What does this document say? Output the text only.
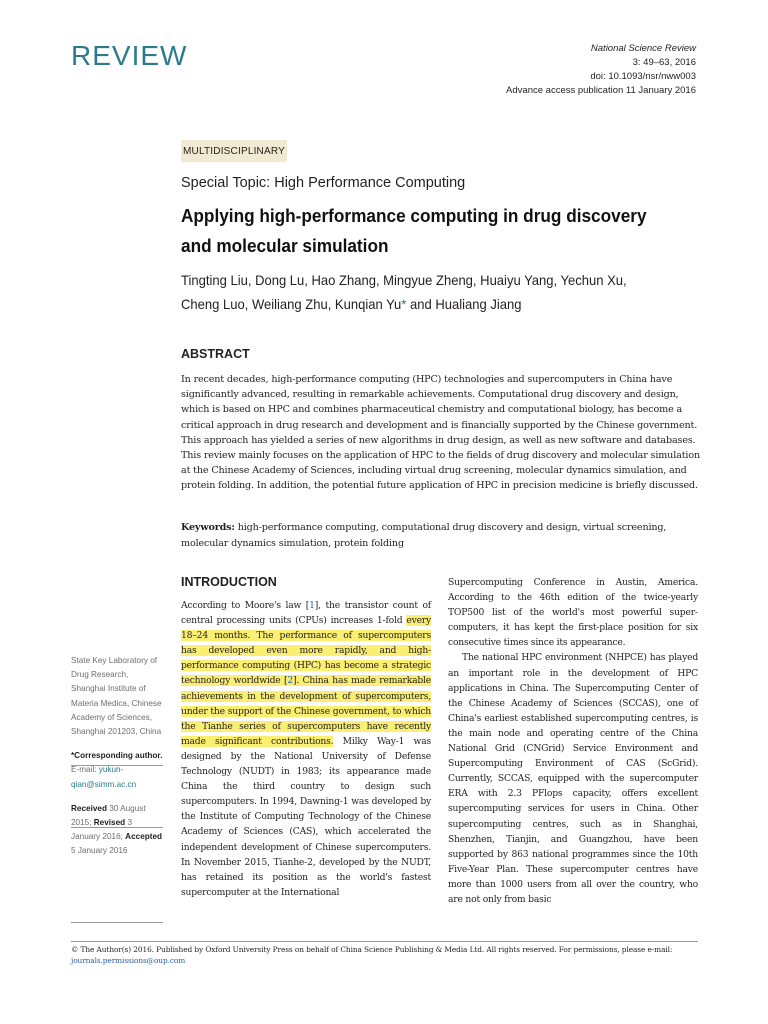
REVIEW	National Science Review
3: 49–63, 2016
doi: 10.1093/nsr/nww003
Advance access publication 11 January 2016
MULTIDISCIPLINARY
Special Topic: High Performance Computing
Applying high-performance computing in drug discovery
and molecular simulation
Tingting Liu, Dong Lu, Hao Zhang, Mingyue Zheng, Huaiyu Yang, Yechun Xu,
Cheng Luo, Weiliang Zhu, Kunqian Yu* and Hualiang Jiang
ABSTRACT
In recent decades, high-performance computing (HPC) technologies and supercomputers in China have significantly advanced, resulting in remarkable achievements. Computational drug discovery and design, which is based on HPC and combines pharmaceutical chemistry and computational biology, has become a critical approach in drug research and development and is financially supported by the Chinese government. This approach has yielded a series of new algorithms in drug design, as well as new software and databases. This review mainly focuses on the application of HPC to the fields of drug discovery and molecular simulation at the Chinese Academy of Sciences, including virtual drug screening, molecular dynamics simulation, and protein folding. In addition, the potential future application of HPC in precision medicine is briefly discussed.
Keywords: high-performance computing, computational drug discovery and design, virtual screening, molecular dynamics simulation, protein folding
INTRODUCTION

According to Moore's law [1], the transistor count of central processing units (CPUs) increases 1-fold every 18–24 months. The performance of supercomputers has developed even more rapidly, and high-performance computing (HPC) has become a strategic technology worldwide [2]. China has made remarkable achievements in the development of supercomputers, under the support of the Chinese government, to which the Tianhe series of supercomputers have recently made significant contributions. Milky Way-1 was designed by the National University of Defense Technology (NUDT) in 1983; its appearance made China the third country to design such supercomputers. In 1994, Dawning-1 was developed by the Institute of Computing Technology of the Chinese Academy of Sciences (CAS), which accelerated the independent development of Chinese supercomputers. In November 2015, Tianhe-2, developed by the NUDT, has retained its position as the world's fastest supercomputer at the International

Supercomputing Conference in Austin, America. According to the 46th edition of the twice-yearly TOP500 list of the world's most powerful supercomputers, it has kept the first-place position for six consecutive times since its appearance.

The national HPC environment (NHPCE) has played an important role in the development of HPC applications in China. The Supercomputing Center of the Chinese Academy of Sciences (SCCAS), one of China's earliest established supercomputing centres, is the main node and operating centre of the China National Grid (CNGrid) Service Environment and Supercomputing Environment of CAS (ScGrid). Currently, SCCAS, equipped with the supercomputer ERA with 2.3 PFlops capacity, offers excellent supercomputing services for users in China. Other supercomputing centres, such as in Shanghai, Shenzhen, Tianjin, and Guangzhou, have been supported by 863 national programmes since the 10th Five-Year Plan. These supercomputer centres have more than 1000 users from all over the country, who are not only from basic

State Key Laboratory of Drug Research, Shanghai Institute of Materia Medica, Chinese Academy of Sciences, Shanghai 201203, China
*Corresponding author. E-mail: yukunqian@simm.ac.cn
Received 30 August 2015; Revised 3 January 2016; Accepted 5 January 2016
© The Author(s) 2016. Published by Oxford University Press on behalf of China Science Publishing & Media Ltd. All rights reserved. For permissions, please e-mail:
journals.permissions@oup.com
